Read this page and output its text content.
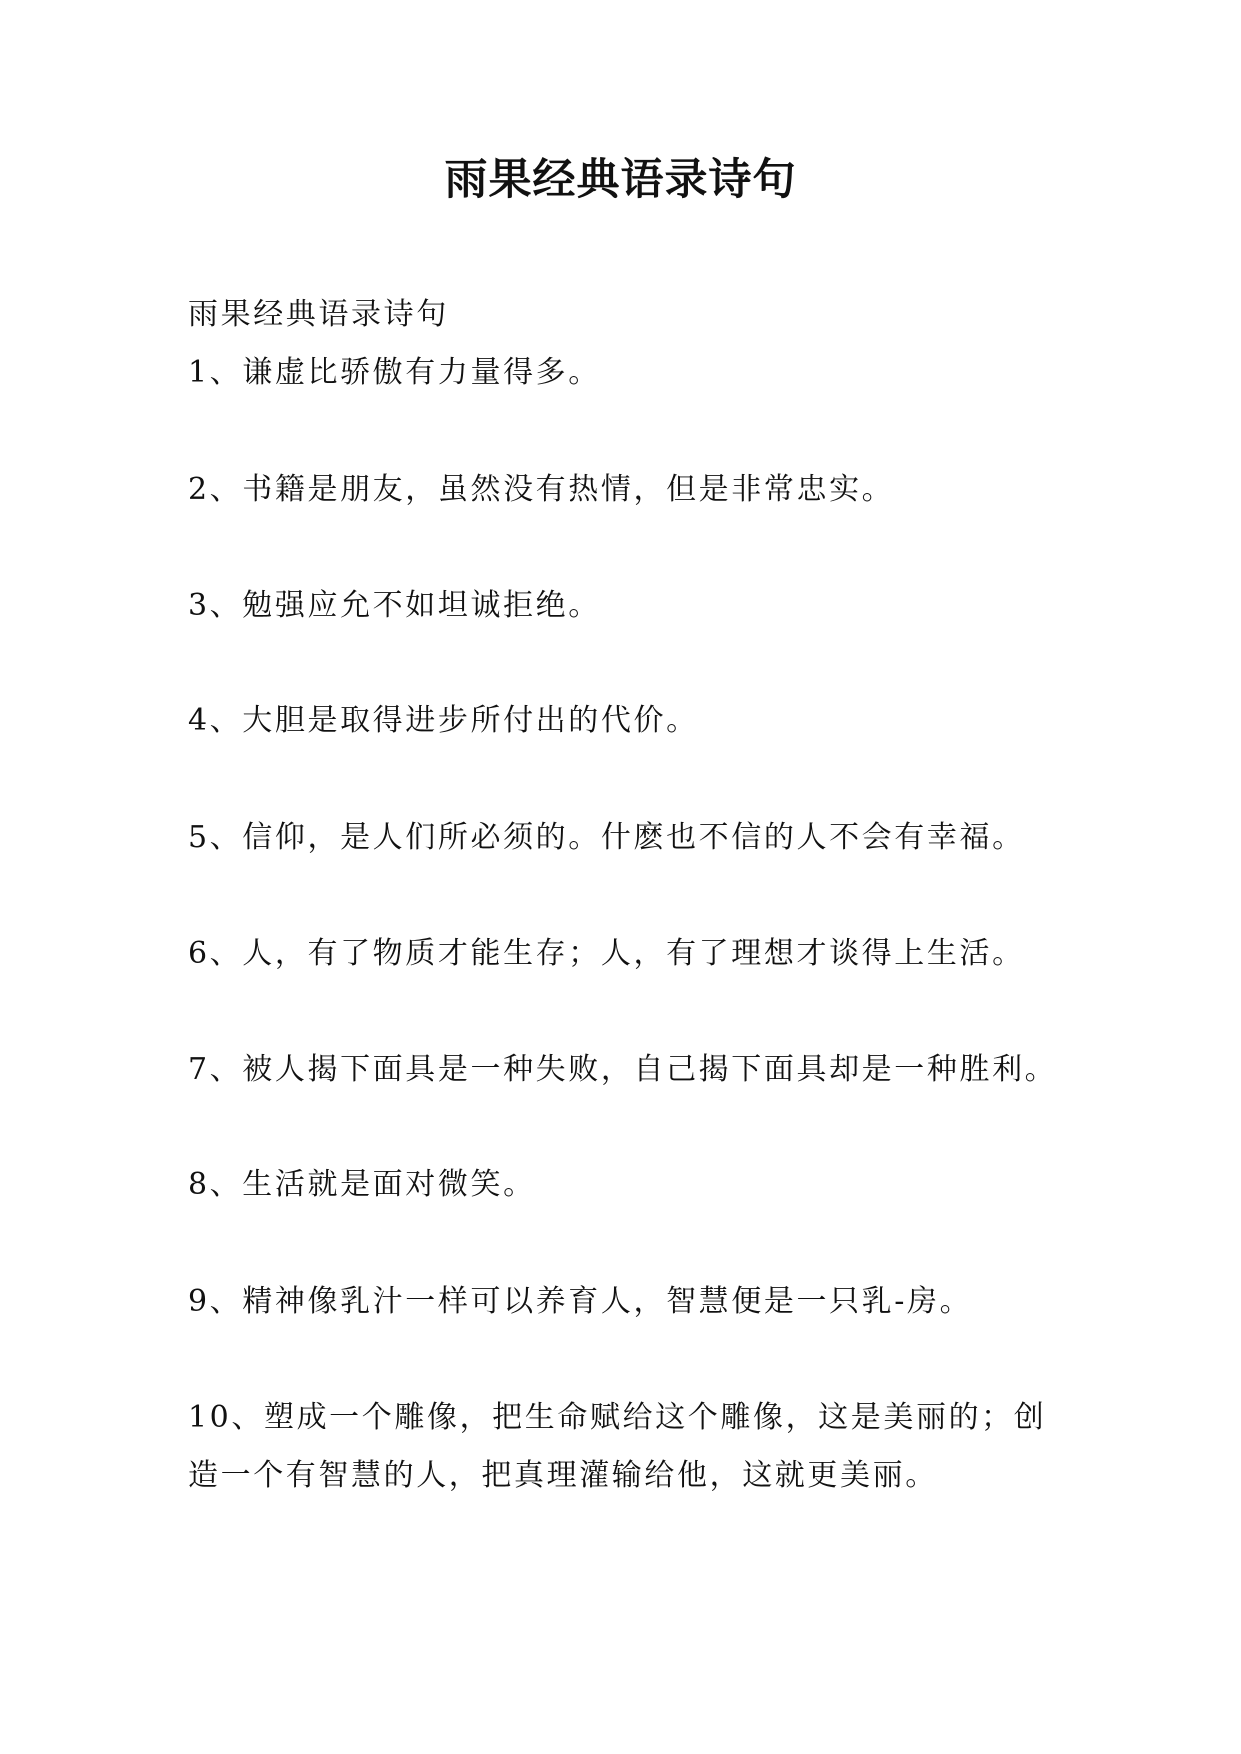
雨果经典语录诗句

雨果经典语录诗句

1、谦虚比骄傲有力量得多。

2、书籍是朋友，虽然没有热情，但是非常忠实。

3、勉强应允不如坦诚拒绝。

4、大胆是取得进步所付出的代价。

5、信仰，是人们所必须的。什麽也不信的人不会有幸福。

6、人，有了物质才能生存；人，有了理想才谈得上生活。

7、被人揭下面具是一种失败，自己揭下面具却是一种胜利。

8、生活就是面对微笑。

9、精神像乳汁一样可以养育人，智慧便是一只乳-房。

10、塑成一个雕像，把生命赋给这个雕像，这是美丽的；创

造一个有智慧的人，把真理灌输给他，这就更美丽。
